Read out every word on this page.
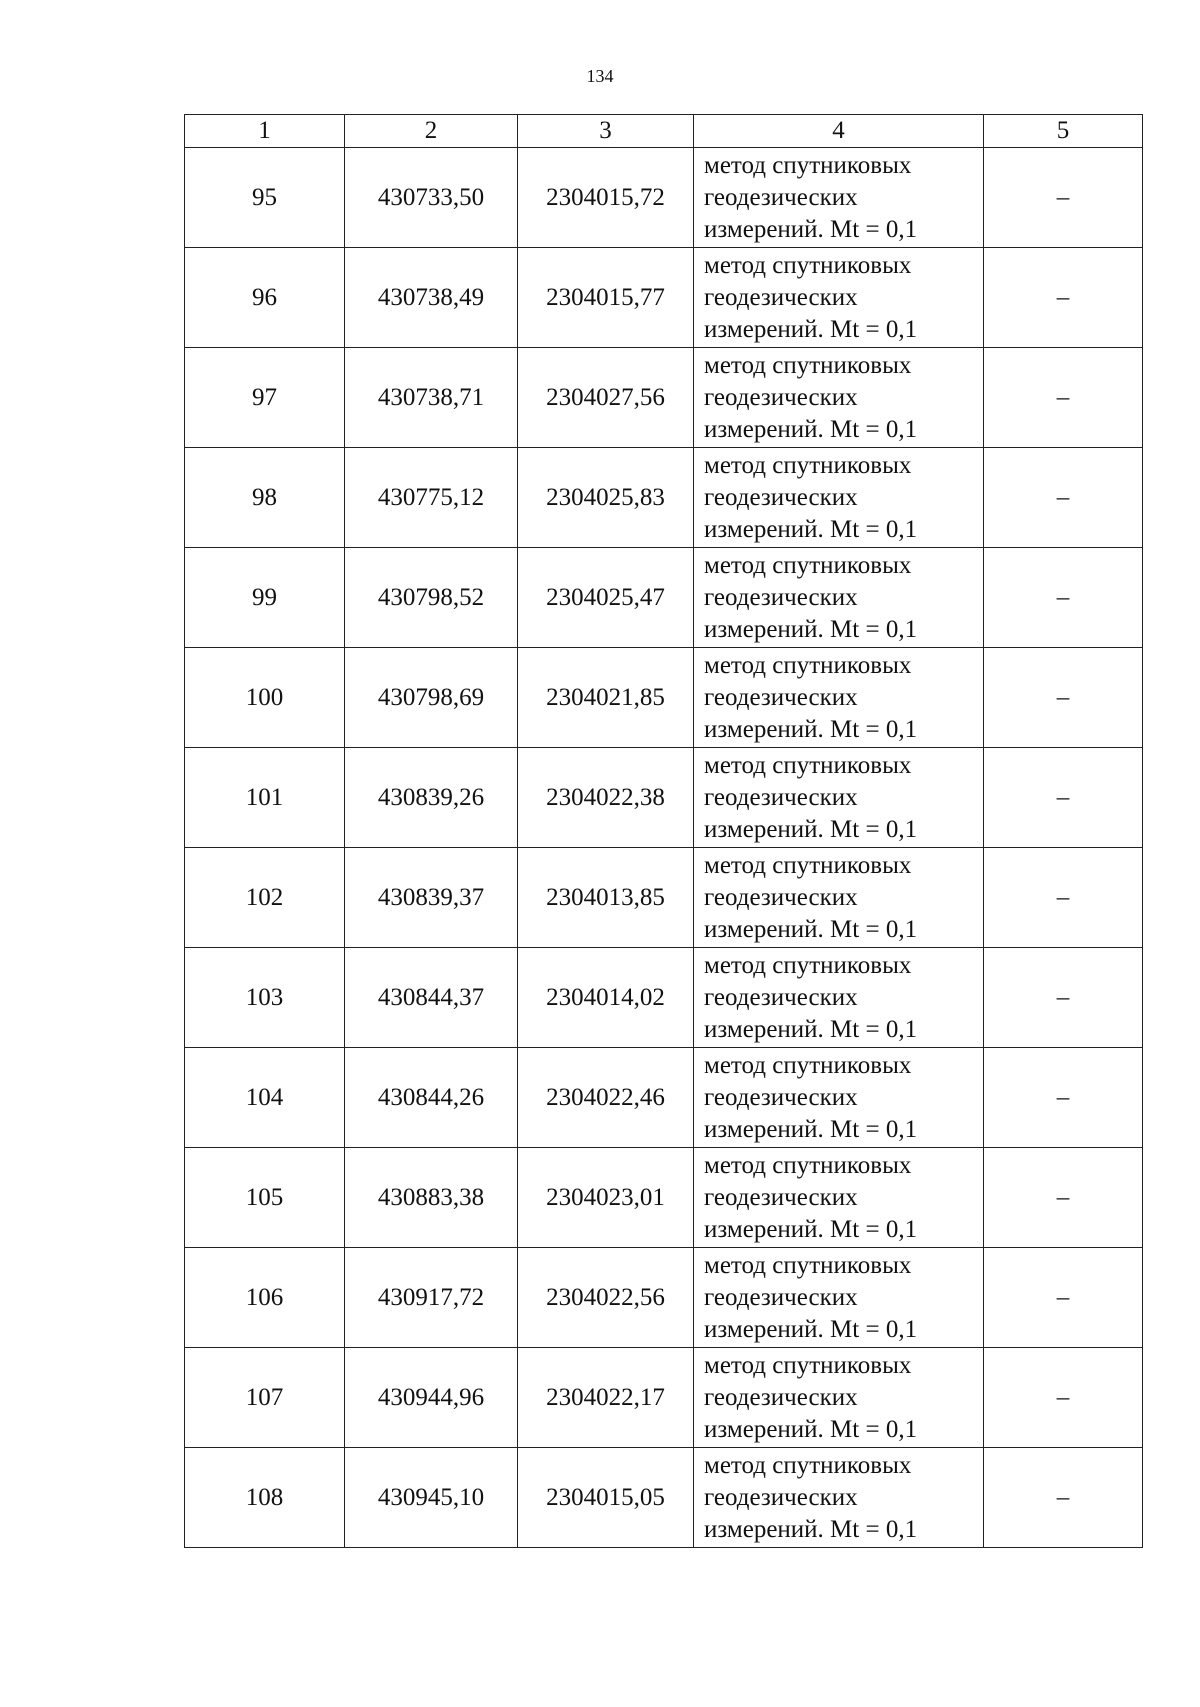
134
1	2	3	4	5
95	430733,50	2304015,72	метод спутниковых
геодезических
измерений. Mt = 0,1	–
96	430738,49	2304015,77	метод спутниковых
геодезических
измерений. Mt = 0,1	–
97	430738,71	2304027,56	метод спутниковых
геодезических
измерений. Mt = 0,1	–
98	430775,12	2304025,83	метод спутниковых
геодезических
измерений. Mt = 0,1	–
99	430798,52	2304025,47	метод спутниковых
геодезических
измерений. Mt = 0,1	–
100	430798,69	2304021,85	метод спутниковых
геодезических
измерений. Mt = 0,1	–
101	430839,26	2304022,38	метод спутниковых
геодезических
измерений. Mt = 0,1	–
102	430839,37	2304013,85	метод спутниковых
геодезических
измерений. Mt = 0,1	–
103	430844,37	2304014,02	метод спутниковых
геодезических
измерений. Mt = 0,1	–
104	430844,26	2304022,46	метод спутниковых
геодезических
измерений. Mt = 0,1	–
105	430883,38	2304023,01	метод спутниковых
геодезических
измерений. Mt = 0,1	–
106	430917,72	2304022,56	метод спутниковых
геодезических
измерений. Mt = 0,1	–
107	430944,96	2304022,17	метод спутниковых
геодезических
измерений. Mt = 0,1	–
108	430945,10	2304015,05	метод спутниковых
геодезических
измерений. Mt = 0,1	–
